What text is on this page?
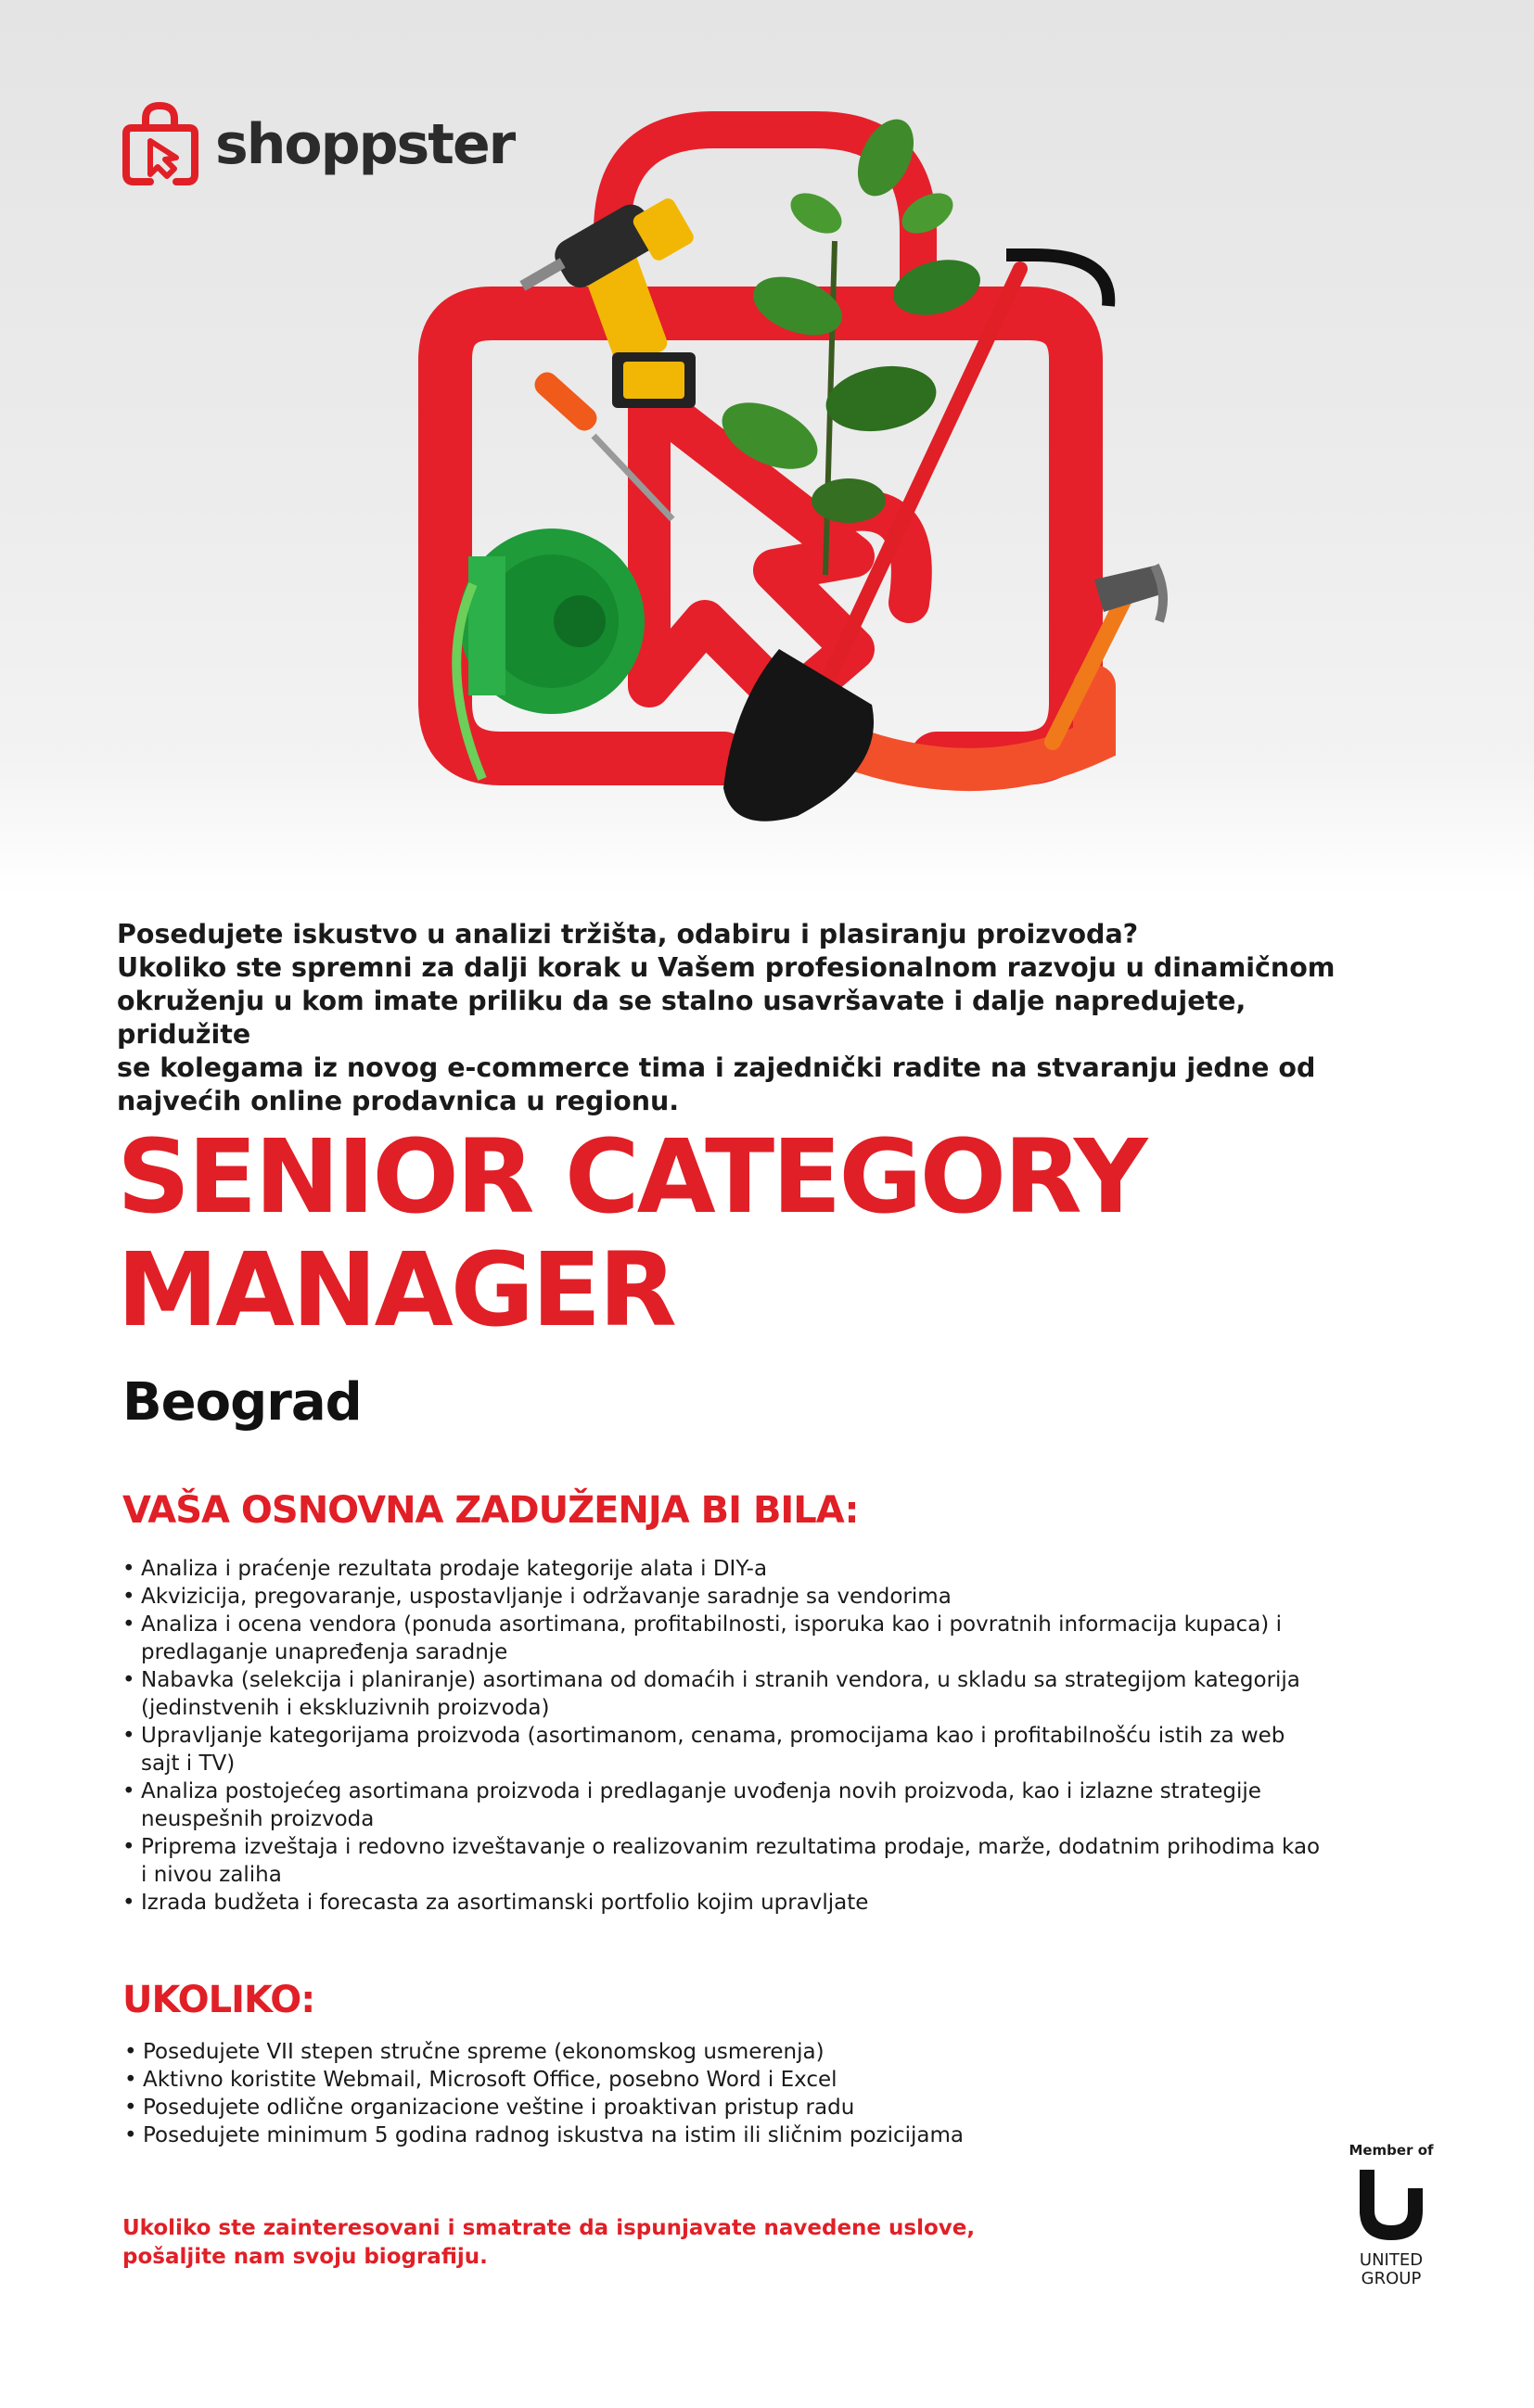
shoppster

Posedujete iskustvo u analizi tržišta, odabiru i plasiranju proizvoda?

Ukoliko ste spremni za dalji korak u Vašem profesionalnom razvoju u dinamičnom

okruženju u kom imate priliku da se stalno usavršavate i dalje napredujete, pridužite

se kolegama iz novog e-commerce tima i zajednički radite na stvaranju jedne od

najvećih online prodavnica u regionu.

SENIOR CATEGORY
MANAGER
Beograd
VAŠA OSNOVNA ZADUŽENJA BI BILA:
• Analiza i praćenje rezultata prodaje kategorije alata i DIY-a
• Akvizicija, pregovaranje, uspostavljanje i održavanje saradnje sa vendorima
• Analiza i ocena vendora (ponuda asortimana, profitabilnosti, isporuka kao i povratnih informacija kupaca) i
predlaganje unapređenja saradnje
• Nabavka (selekcija i planiranje) asortimana od domaćih i stranih vendora, u skladu sa strategijom kategorija
(jedinstvenih i ekskluzivnih proizvoda)
• Upravljanje kategorijama proizvoda (asortimanom, cenama, promocijama kao i profitabilnošću istih za web
sajt i TV)
• Analiza postojećeg asortimana proizvoda i predlaganje uvođenja novih proizvoda, kao i izlazne strategije
neuspešnih proizvoda
• Priprema izveštaja i redovno izveštavanje o realizovanim rezultatima prodaje, marže, dodatnim prihodima kao
i nivou zaliha
• Izrada budžeta i forecasta za asortimanski portfolio kojim upravljate
UKOLIKO:
• Posedujete VII stepen stručne spreme (ekonomskog usmerenja)
• Aktivno koristite Webmail, Microsoft Office, posebno Word i Excel
• Posedujete odlične organizacione veštine i proaktivan pristup radu
• Posedujete minimum 5 godina radnog iskustva na istim ili sličnim pozicijama

Ukoliko ste zainteresovani i smatrate da ispunjavate navedene uslove,

pošaljite nam svoju biografiju.

Member of
UNITED
GROUP
